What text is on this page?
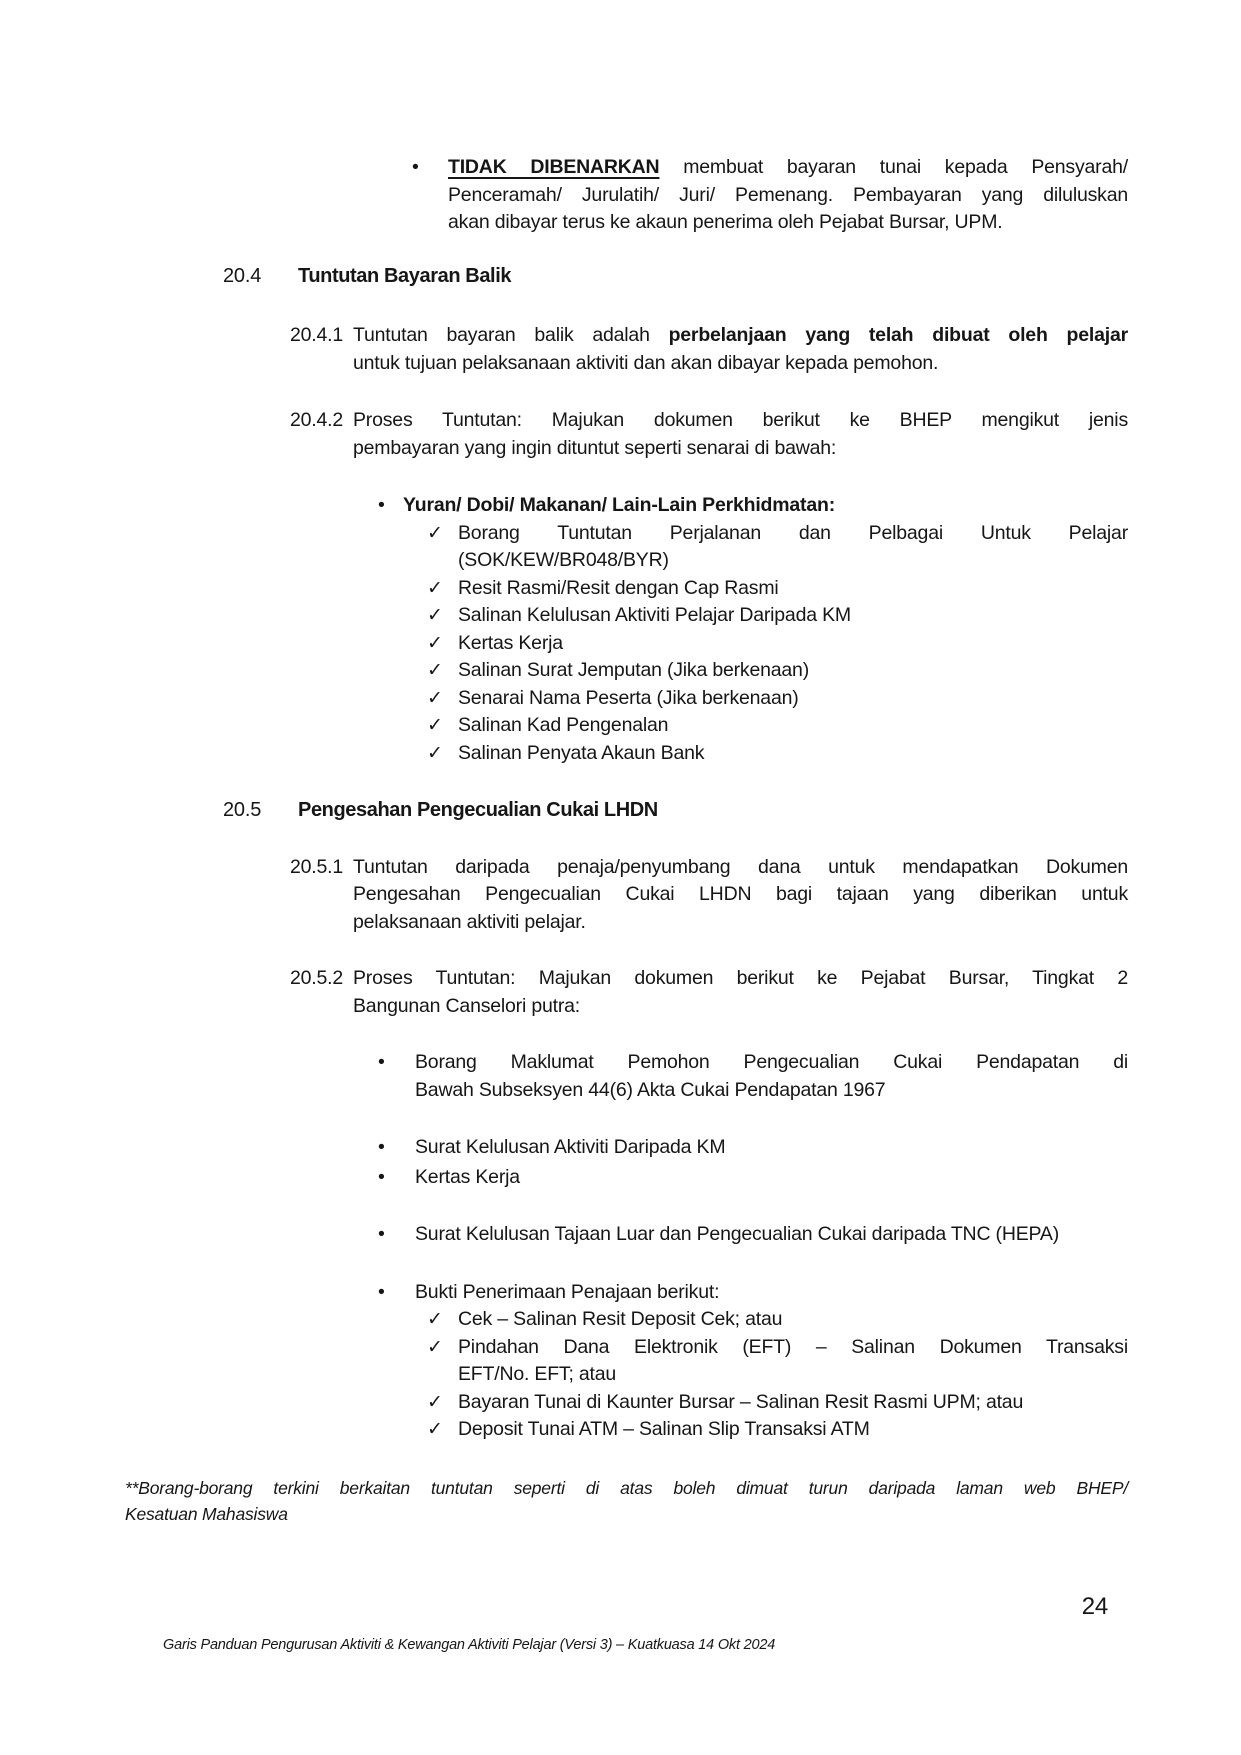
•	TIDAK DIBENARKAN membuat bayaran tunai kepada Pensyarah/
Penceramah/ Jurulatih/ Juri/ Pemenang. Pembayaran yang diluluskan
akan dibayar terus ke akaun penerima oleh Pejabat Bursar, UPM.
20.4	Tuntutan Bayaran Balik
20.4.1 Tuntutan bayaran balik adalah perbelanjaan yang telah dibuat oleh pelajar
untuk tujuan pelaksanaan aktiviti dan akan dibayar kepada pemohon.
20.4.2 Proses Tuntutan: Majukan dokumen berikut ke BHEP mengikut jenis
pembayaran yang ingin dituntut seperti senarai di bawah:
• Yuran/ Dobi/ Makanan/ Lain-Lain Perkhidmatan:
✓ Borang Tuntutan Perjalanan dan Pelbagai Untuk Pelajar
(SOK/KEW/BR048/BYR)
✓ Resit Rasmi/Resit dengan Cap Rasmi
✓ Salinan Kelulusan Aktiviti Pelajar Daripada KM
✓ Kertas Kerja
✓ Salinan Surat Jemputan (Jika berkenaan)
✓ Senarai Nama Peserta (Jika berkenaan)
✓ Salinan Kad Pengenalan
✓ Salinan Penyata Akaun Bank
20.5	Pengesahan Pengecualian Cukai LHDN
20.5.1 Tuntutan daripada penaja/penyumbang dana untuk mendapatkan Dokumen
Pengesahan Pengecualian Cukai LHDN bagi tajaan yang diberikan untuk
pelaksanaan aktiviti pelajar.
20.5.2 Proses Tuntutan: Majukan dokumen berikut ke Pejabat Bursar, Tingkat 2
Bangunan Canselori putra:
•	Borang Maklumat Pemohon Pengecualian Cukai Pendapatan di
Bawah Subseksyen 44(6) Akta Cukai Pendapatan 1967
•	Surat Kelulusan Aktiviti Daripada KM
•	Kertas Kerja
•	Surat Kelulusan Tajaan Luar dan Pengecualian Cukai daripada TNC (HEPA)
•	Bukti Penerimaan Penajaan berikut:
✓ Cek – Salinan Resit Deposit Cek; atau
✓ Pindahan Dana Elektronik (EFT) – Salinan Dokumen Transaksi
EFT/No. EFT; atau
✓ Bayaran Tunai di Kaunter Bursar – Salinan Resit Rasmi UPM; atau
✓ Deposit Tunai ATM – Salinan Slip Transaksi ATM
**Borang-borang terkini berkaitan tuntutan seperti di atas boleh dimuat turun daripada laman web BHEP/
Kesatuan Mahasiswa
24
Garis Panduan Pengurusan Aktiviti & Kewangan Aktiviti Pelajar (Versi 3) – Kuatkuasa 14 Okt 2024
